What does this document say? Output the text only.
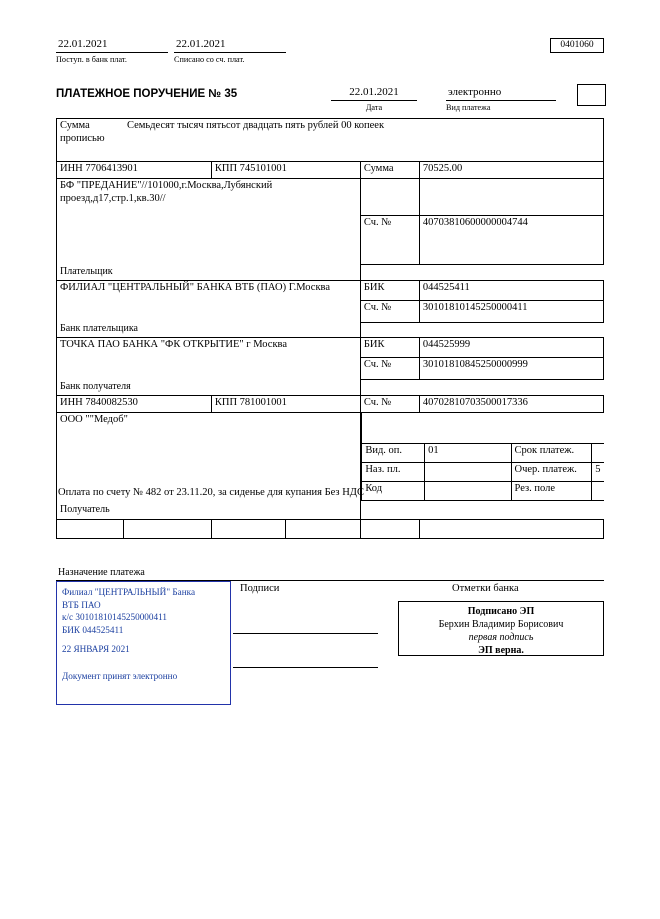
22.01.2021
Поступ. в банк плат.
22.01.2021
Списано со сч. плат.
0401060
ПЛАТЕЖНОЕ ПОРУЧЕНИЕ № 35	22.01.2021
Дата
электронно
Вид платежа
Сумма
прописью
	Семьдесят тысяч пятьсот двадцать пять рублей 00 копеек
ИНН 7706413901	КПП 745101001	Сумма	70525.00

БФ "ПРЕДАНИЕ"//101000,г.Москва,Лубянский проезд,д17,стр.1,кв.30//

Сч. №	40703810600000004744
Плательщик		

ФИЛИАЛ "ЦЕНТРАЛЬНЫЙ" БАНКА ВТБ (ПАО) Г.Москва	БИК	044525411
Сч. №	30101810145250000411
Банк плательщика		

ТОЧКА ПАО БАНКА "ФК ОТКРЫТИЕ" г Москва	БИК	044525999
Сч. №	30101810845250000999
Банк получателя		
ИНН 7840082530	КПП 781001001	Сч. №	40702810703500017336

ООО ""Медоб"

Вид. оп.	01	Срок платеж.	
Наз. пл.		Очер. платеж.	5
Код		Рез. поле	

Получатель	

Оплата по счету № 482 от 23.11.20, за сиденье для купания Без НДС
Назначение платежа
Филиал "ЦЕНТРАЛЬНЫЙ" Банка
ВТБ ПАО
к/с 30101810145250000411
БИК 044525411
22 ЯНВАРЯ 2021
Документ принят электронно
Подписи	Отметки банка
Подписано ЭП
Берхин Владимир Борисович
первая подпись
ЭП верна.
